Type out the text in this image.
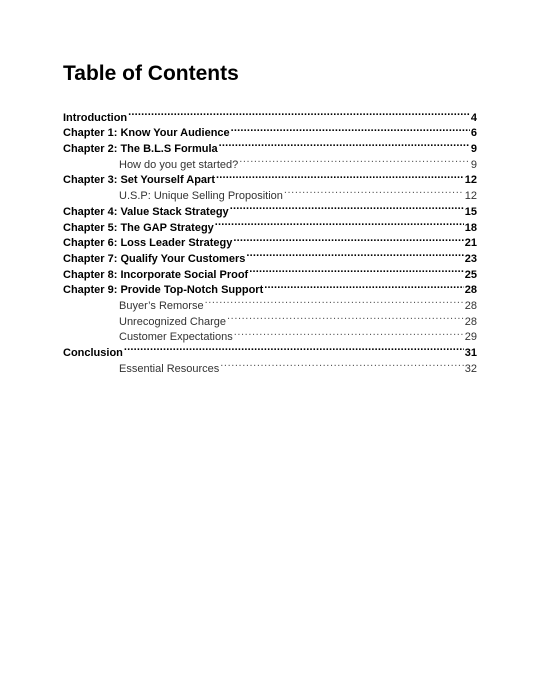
Table of Contents
Introduction .....	4
Chapter 1: Know Your Audience .....	6
Chapter 2: The B.L.S Formula .....	9
How do you get started? .....	9
Chapter 3: Set Yourself Apart .....	12
U.S.P: Unique Selling Proposition .....	12
Chapter 4: Value Stack Strategy .....	15
Chapter 5: The GAP Strategy .....	18
Chapter 6: Loss Leader Strategy .....	21
Chapter 7: Qualify Your Customers .....	23
Chapter 8: Incorporate Social Proof .....	25
Chapter 9: Provide Top-Notch Support .....	28
Buyer’s Remorse .....	28
Unrecognized Charge .....	28
Customer Expectations .....	29
Conclusion .....	31
Essential Resources .....	32
